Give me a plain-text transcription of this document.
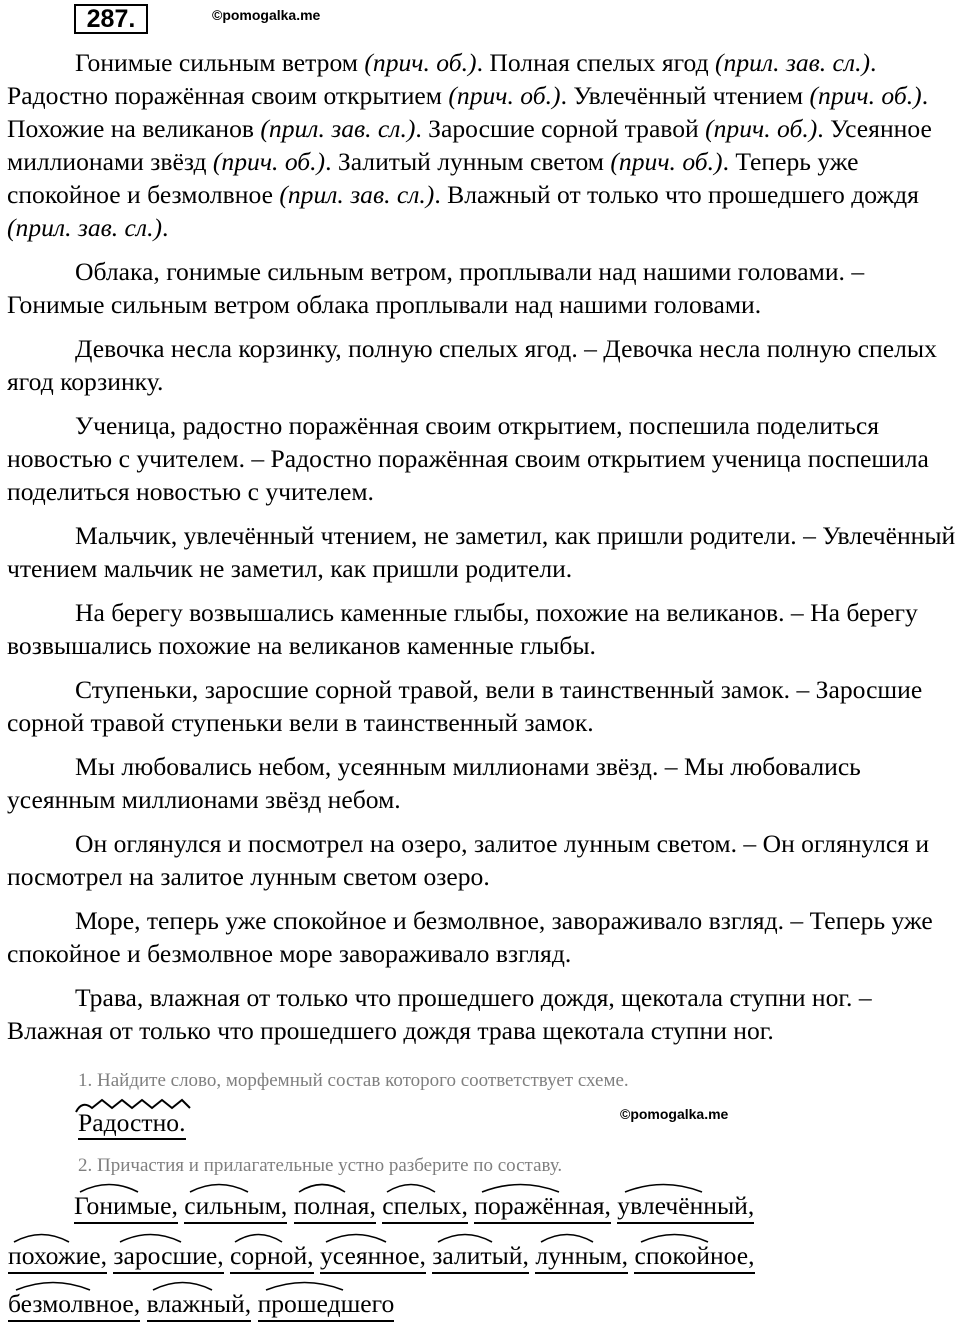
287.	©pomogalka.me

Гонимые сильным ветром (прич. об.). Полная спелых ягод (прил. зав. сл.). Радостно поражённая своим открытием (прич. об.). Увлечённый чтением (прич. об.). Похожие на великанов (прил. зав. сл.). Заросшие сорной травой (прич. об.). Усеянное миллионами звёзд (прич. об.). Залитый лунным светом (прич. об.). Теперь уже спокойное и безмолвное (прил. зав. сл.). Влажный от только что прошедшего дождя (прил. зав. сл.).

Облака, гонимые сильным ветром, проплывали над нашими головами. – Гонимые сильным ветром облака проплывали над нашими головами.

Девочка несла корзинку, полную спелых ягод. – Девочка несла полную спелых ягод корзинку.

Ученица, радостно поражённая своим открытием, поспешила поделиться новостью с учителем. – Радостно поражённая своим открытием ученица поспешила поделиться новостью с учителем.

Мальчик, увлечённый чтением, не заметил, как пришли родители. – Увлечённый чтением мальчик не заметил, как пришли родители.

На берегу возвышались каменные глыбы, похожие на великанов. – На берегу возвышались похожие на великанов каменные глыбы.

Ступеньки, заросшие сорной травой, вели в таинственный замок. – Заросшие сорной травой ступеньки вели в таинственный замок.

Мы любовались небом, усеянным миллионами звёзд. – Мы любовались усеянным миллионами звёзд небом.

Он оглянулся и посмотрел на озеро, залитое лунным светом. – Он оглянулся и посмотрел на залитое лунным светом озеро.

Море, теперь уже спокойное и безмолвное, завораживало взгляд. – Теперь уже спокойное и безмолвное море завораживало взгляд.

Трава, влажная от только что прошедшего дождя, щекотала ступни ног. – Влажная от только что прошедшего дождя трава щекотала ступни ног.

1. Найдите слово, морфемный состав которого соответствует схеме.
Радостно.	©pomogalka.me
2. Причастия и прилагательные устно разберите по составу.
Гонимые, сильным, полная, спелых, поражённая, увлечённый,
похожие, заросшие, сорной, усеянное, залитый, лунным, спокойное,
безмолвное, влажный, прошедшего
